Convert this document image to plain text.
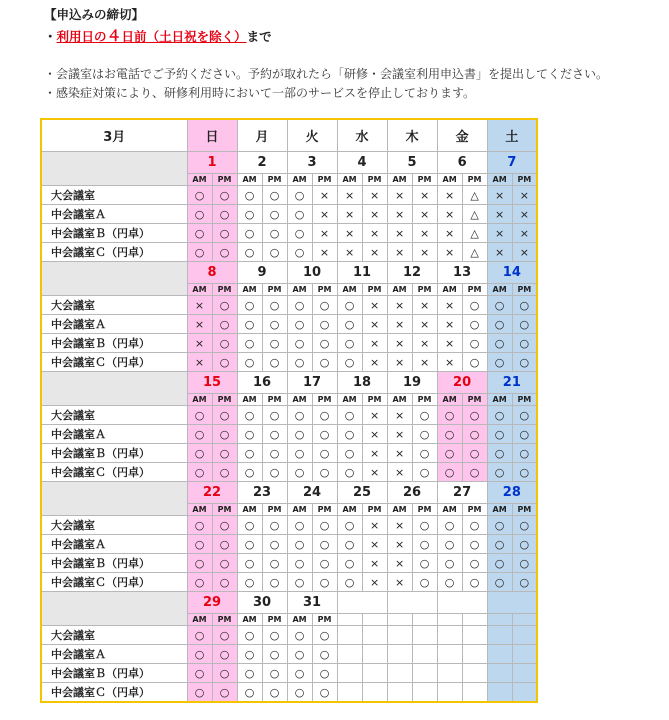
【申込みの締切】
・利用日の４日前（土日祝を除く）まで
・会議室はお電話でご予約ください。予約が取れたら「研修・会議室利用申込書」を提出してください。
・感染症対策により、研修利用時において一部のサービスを停止しております。
3月	日		月		火		水		木		金		土	
	1		2		3		4		5		6		7	
	AM	PM	AM	PM	AM	PM	AM	PM	AM	PM	AM	PM	AM	PM
大会議室	○	○	○	○	○	×	×	×	×	×	×	△	×	×
中会議室Ａ	○	○	○	○	○	×	×	×	×	×	×	△	×	×
中会議室Ｂ（円卓）	○	○	○	○	○	×	×	×	×	×	×	△	×	×
中会議室Ｃ（円卓）	○	○	○	○	○	×	×	×	×	×	×	△	×	×
	8		9		10		11		12		13		14	
	AM	PM	AM	PM	AM	PM	AM	PM	AM	PM	AM	PM	AM	PM
大会議室	×	○	○	○	○	○	○	×	×	×	×	○	○	○
中会議室Ａ	×	○	○	○	○	○	○	×	×	×	×	○	○	○
中会議室Ｂ（円卓）	×	○	○	○	○	○	○	×	×	×	×	○	○	○
中会議室Ｃ（円卓）	×	○	○	○	○	○	○	×	×	×	×	○	○	○
	15		16		17		18		19		20		21	
	AM	PM	AM	PM	AM	PM	AM	PM	AM	PM	AM	PM	AM	PM
大会議室	○	○	○	○	○	○	○	×	×	○	○	○	○	○
中会議室Ａ	○	○	○	○	○	○	○	×	×	○	○	○	○	○
中会議室Ｂ（円卓）	○	○	○	○	○	○	○	×	×	○	○	○	○	○
中会議室Ｃ（円卓）	○	○	○	○	○	○	○	×	×	○	○	○	○	○
	22		23		24		25		26		27		28	
	AM	PM	AM	PM	AM	PM	AM	PM	AM	PM	AM	PM	AM	PM
大会議室	○	○	○	○	○	○	○	×	×	○	○	○	○	○
中会議室Ａ	○	○	○	○	○	○	○	×	×	○	○	○	○	○
中会議室Ｂ（円卓）	○	○	○	○	○	○	○	×	×	○	○	○	○	○
中会議室Ｃ（円卓）	○	○	○	○	○	○	○	×	×	○	○	○	○	○
	29		30		31									
	AM	PM	AM	PM	AM	PM								
大会議室	○	○	○	○	○	○								
中会議室Ａ	○	○	○	○	○	○								
中会議室Ｂ（円卓）	○	○	○	○	○	○								
中会議室Ｃ（円卓）	○	○	○	○	○	○								
